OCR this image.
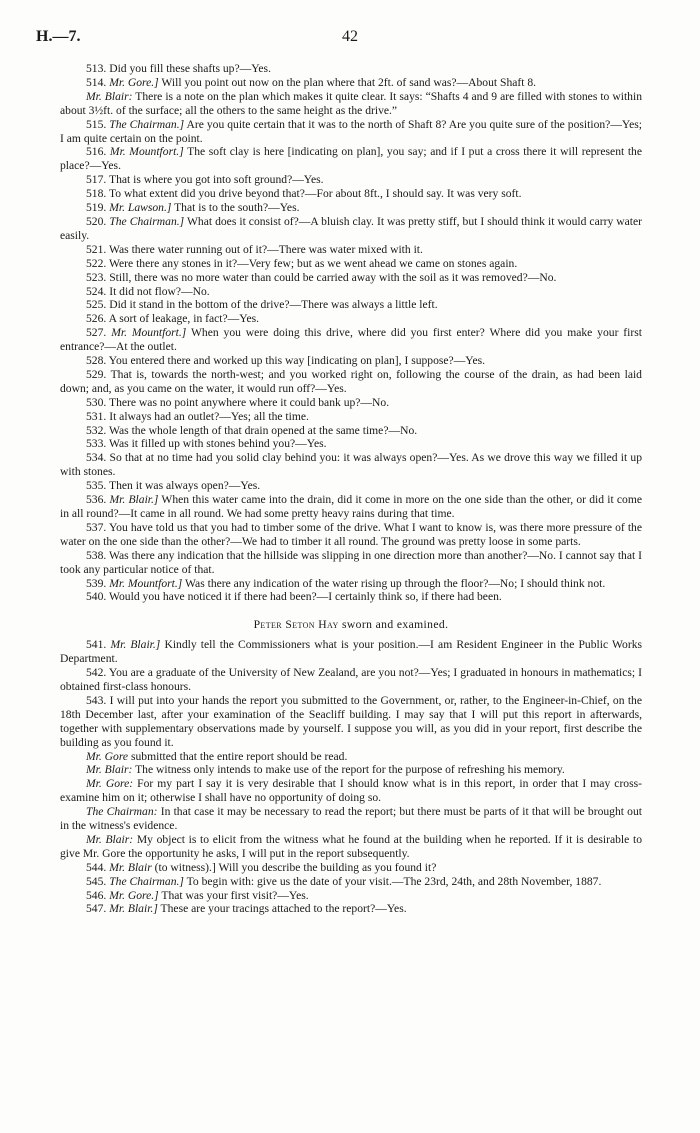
H.—7.	42

513. Did you fill these shafts up?—Yes.

514. Mr. Gore.] Will you point out now on the plan where that 2ft. of sand was?—About Shaft 8.

Mr. Blair: There is a note on the plan which makes it quite clear. It says: “Shafts 4 and 9 are filled with stones to within about 3½ft. of the surface; all the others to the same height as the drive.”

515. The Chairman.] Are you quite certain that it was to the north of Shaft 8? Are you quite sure of the position?—Yes; I am quite certain on the point.

516. Mr. Mountfort.] The soft clay is here [indicating on plan], you say; and if I put a cross there it will represent the place?—Yes.

517. That is where you got into soft ground?—Yes.

518. To what extent did you drive beyond that?—For about 8ft., I should say. It was very soft.

519. Mr. Lawson.] That is to the south?—Yes.

520. The Chairman.] What does it consist of?—A bluish clay. It was pretty stiff, but I should think it would carry water easily.

521. Was there water running out of it?—There was water mixed with it.

522. Were there any stones in it?—Very few; but as we went ahead we came on stones again.

523. Still, there was no more water than could be carried away with the soil as it was removed?—No.

524. It did not flow?—No.

525. Did it stand in the bottom of the drive?—There was always a little left.

526. A sort of leakage, in fact?—Yes.

527. Mr. Mountfort.] When you were doing this drive, where did you first enter? Where did you make your first entrance?—At the outlet.

528. You entered there and worked up this way [indicating on plan], I suppose?—Yes.

529. That is, towards the north-west; and you worked right on, following the course of the drain, as had been laid down; and, as you came on the water, it would run off?—Yes.

530. There was no point anywhere where it could bank up?—No.

531. It always had an outlet?—Yes; all the time.

532. Was the whole length of that drain opened at the same time?—No.

533. Was it filled up with stones behind you?—Yes.

534. So that at no time had you solid clay behind you: it was always open?—Yes. As we drove this way we filled it up with stones.

535. Then it was always open?—Yes.

536. Mr. Blair.] When this water came into the drain, did it come in more on the one side than the other, or did it come in all round?—It came in all round. We had some pretty heavy rains during that time.

537. You have told us that you had to timber some of the drive. What I want to know is, was there more pressure of the water on the one side than the other?—We had to timber it all round. The ground was pretty loose in some parts.

538. Was there any indication that the hillside was slipping in one direction more than another?—No. I cannot say that I took any particular notice of that.

539. Mr. Mountfort.] Was there any indication of the water rising up through the floor?—No; I should think not.

540. Would you have noticed it if there had been?—I certainly think so, if there had been.

Peter Seton Hay sworn and examined.

541. Mr. Blair.] Kindly tell the Commissioners what is your position.—I am Resident Engineer in the Public Works Department.

542. You are a graduate of the University of New Zealand, are you not?—Yes; I graduated in honours in mathematics; I obtained first-class honours.

543. I will put into your hands the report you submitted to the Government, or, rather, to the Engineer-in-Chief, on the 18th December last, after your examination of the Seacliff building. I may say that I will put this report in afterwards, together with supplementary observations made by yourself. I suppose you will, as you did in your report, first describe the building as you found it.

Mr. Gore submitted that the entire report should be read.

Mr. Blair: The witness only intends to make use of the report for the purpose of refreshing his memory.

Mr. Gore: For my part I say it is very desirable that I should know what is in this report, in order that I may cross-examine him on it; otherwise I shall have no opportunity of doing so.

The Chairman: In that case it may be necessary to read the report; but there must be parts of it that will be brought out in the witness's evidence.

Mr. Blair: My object is to elicit from the witness what he found at the building when he reported. If it is desirable to give Mr. Gore the opportunity he asks, I will put in the report subsequently.

544. Mr. Blair (to witness).] Will you describe the building as you found it?

545. The Chairman.] To begin with: give us the date of your visit.—The 23rd, 24th, and 28th November, 1887.

546. Mr. Gore.] That was your first visit?—Yes.

547. Mr. Blair.] These are your tracings attached to the report?—Yes.
